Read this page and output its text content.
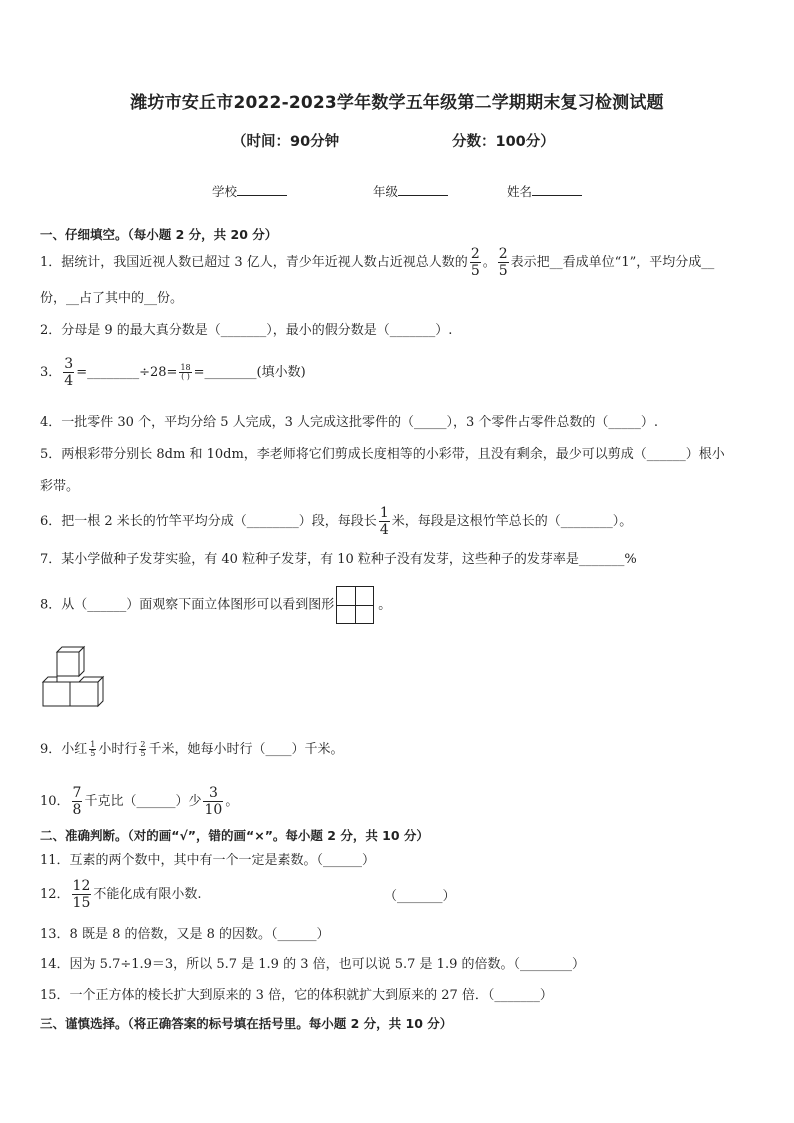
潍坊市安丘市2022-2023学年数学五年级第二学期期末复习检测试题
（时间：90分钟	分数：100分）
学校	年级	姓名
一、仔细填空。（每小题 2 分，共 20 分）
1．据统计，我国近视人数已超过 3 亿人，青少年近视人数占近视总人数的 $\frac{2}{5}$ 。 $\frac{2}{5}$ 表示把__看成单位“1”，平均分成__
份，__占了其中的__份。
2．分母是 9 的最大真分数是（_______），最小的假分数是（_______）.
3． $\frac{3}{4}$ =________÷28= $\frac{18}{( )}$ =________(填小数)
4．一批零件 30 个，平均分给 5 人完成，3 人完成这批零件的（_____），3 个零件占零件总数的（_____）.
5．两根彩带分别长 8dm 和 10dm，李老师将它们剪成长度相等的小彩带，且没有剩余，最少可以剪成（______）根小
彩带。
6．把一根 2 米长的竹竿平均分成（________）段，每段长 $\frac{1}{4}$ 米，每段是这根竹竿总长的（________）。
7．某小学做种子发芽实验，有 40 粒种子发芽，有 10 粒种子没有发芽，这些种子的发芽率是_______%
8．从（______）面观察下面立体图形可以看到图形	。
9．小红 $\frac{1}{5}$ 小时行 $\frac{2}{5}$ 千米，她每小时行（____）千米。
10． $\frac{7}{8}$ 千克比（______）少 $\frac{3}{10}$ 。
二、准确判断。（对的画“√”，错的画“×”。每小题 2 分，共 10 分）
11．互素的两个数中，其中有一个一定是素数。（______）
12． $\frac{12}{15}$ 不能化成有限小数.	（_______）
13．8 既是 8 的倍数，又是 8 的因数。（______）
14．因为 5.7÷1.9＝3，所以 5.7 是 1.9 的 3 倍，也可以说 5.7 是 1.9 的倍数。（________）
15．一个正方体的棱长扩大到原来的 3 倍，它的体积就扩大到原来的 27 倍．（_______）
三、谨慎选择。（将正确答案的标号填在括号里。每小题 2 分，共 10 分）
